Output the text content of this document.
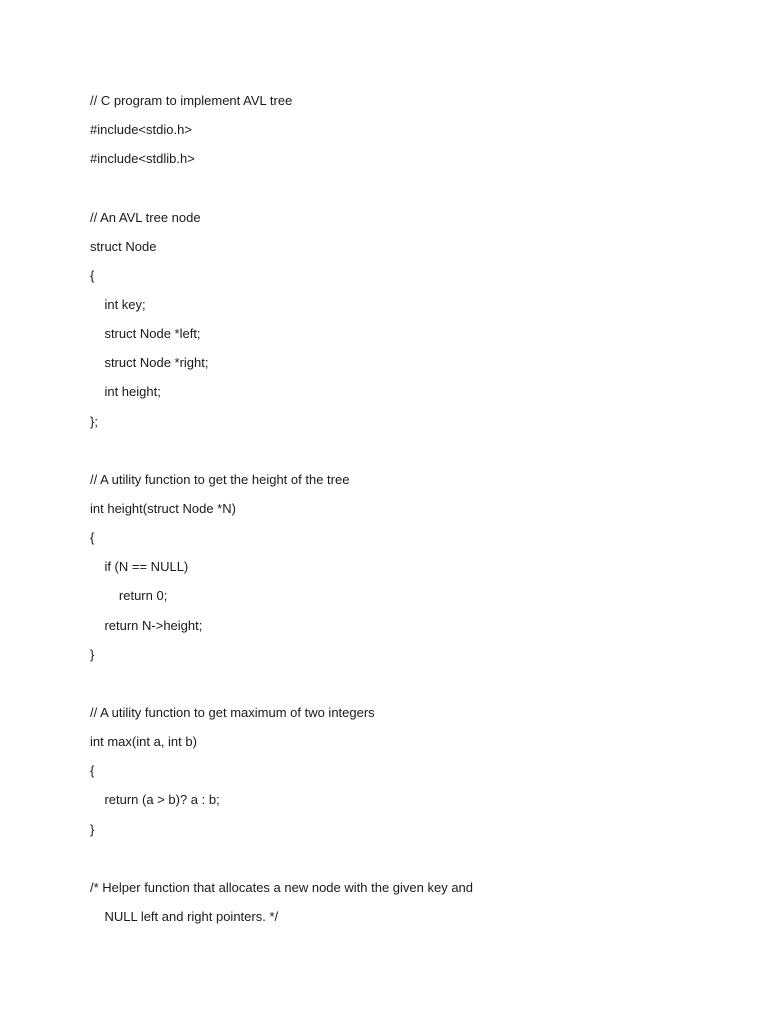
// C program to implement AVL tree
#include<stdio.h>
#include<stdlib.h>
// An AVL tree node
struct Node
{
int key;
struct Node *left;
struct Node *right;
int height;
};
// A utility function to get the height of the tree
int height(struct Node *N)
{
if (N == NULL)
return 0;
return N->height;
}
// A utility function to get maximum of two integers
int max(int a, int b)
{
return (a > b)? a : b;
}
/* Helper function that allocates a new node with the given key and
NULL left and right pointers. */
